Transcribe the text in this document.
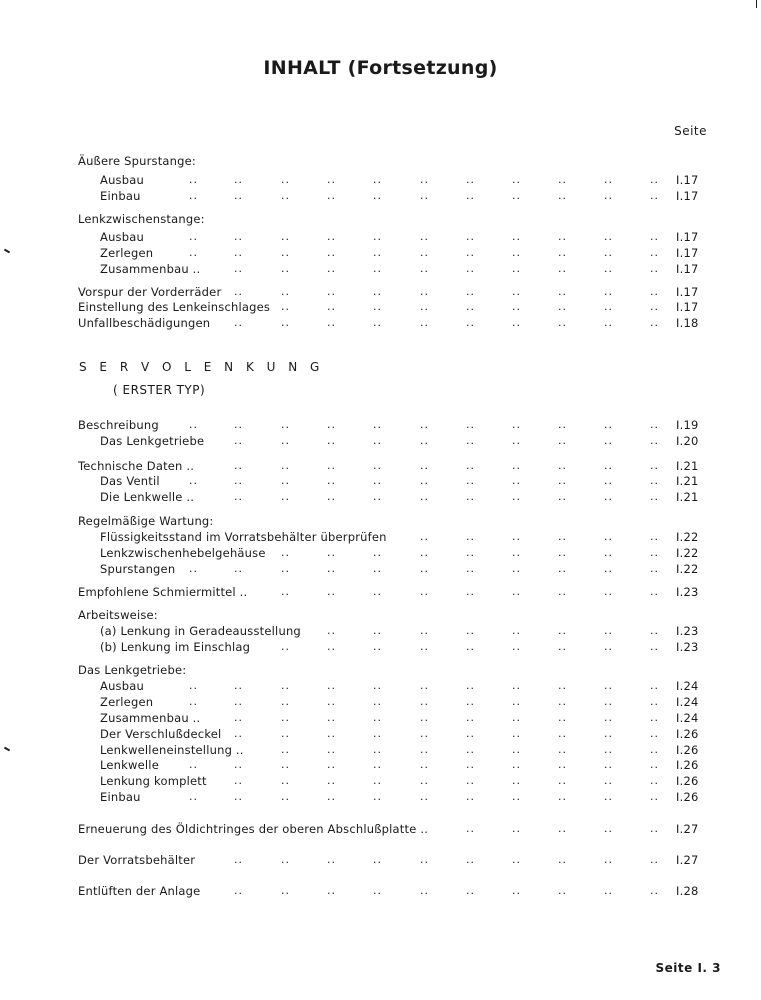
INHALT (Fortsetzung)
Seite
S E R V O L E N K U N G
( ERSTER TYP)
Äußere Spurstange:
Ausbau	..	..	..	..	..	..	..	..	..	..	.. I.17
Einbau	..	..	..	..	..	..	..	..	..	..	.. I.17
Lenkzwischenstange:
Ausbau	..	..	..	..	..	..	..	..	..	..	.. I.17
Zerlegen	..	..	..	..	..	..	..	..	..	..	.. I.17
Zusammenbau ..	..	..	..	..	..	..	..	..	..	.. I.17
Vorspur der Vorderräder ..	..	..	..	..	..	..	..	..	.. I.17
Einstellung des Lenkeinschlages ..	..	..	..	..	..	..	..	.. I.17
Unfallbeschädigungen ..	..	..	..	..	..	..	..	..	.. I.18
Beschreibung	..	..	..	..	..	..	..	..	..	..	.. I.19
Das Lenkgetriebe	..	..	..	..	..	..	..	..	..	.. I.20
Technische Daten ..	..	..	..	..	..	..	..	..	..	.. I.21
Das Ventil	..	..	..	..	..	..	..	..	..	..	.. I.21
Die Lenkwelle ..	..	..	..	..	..	..	..	..	..	.. I.21
Regelmäßige Wartung:
Flüssigkeitsstand im Vorratsbehälter überprüfen	..	..	..	..	..	.. I.22
Lenkzwischenhebelgehäuse ..	..	..	..	..	..	..	..	.. I.22
Spurstangen ..	..	..	..	..	..	..	..	..	..	.. I.22
Empfohlene Schmiermittel ..	..	..	..	..	..	..	..	..	.. I.23
Arbeitsweise:
(a) Lenkung in Geradeausstellung ..	..	..	..	..	..	..	.. I.23
(b) Lenkung im Einschlag	..	..	..	..	..	..	..	..	.. I.23
Das Lenkgetriebe:
Ausbau	..	..	..	..	..	..	..	..	..	..	.. I.24
Zerlegen	..	..	..	..	..	..	..	..	..	..	.. I.24
Zusammenbau ..	..	..	..	..	..	..	..	..	..	.. I.24
Der Verschlußdeckel ..	..	..	..	..	..	..	..	..	.. I.26
Lenkwelleneinstellung ..	..	..	..	..	..	..	..	..	.. I.26
Lenkwelle	..	..	..	..	..	..	..	..	..	..	.. I.26
Lenkung komplett ..	..	..	..	..	..	..	..	..	.. I.26
Einbau	..	..	..	..	..	..	..	..	..	..	.. I.26
Erneuerung des Öldichtringes der oberen Abschlußplatte ..	..	..	..	..	.. I.27
Der Vorratsbehälter	..	..	..	..	..	..	..	..	..	.. I.27
Entlüften der Anlage	..	..	..	..	..	..	..	..	..	.. I.28
Seite I. 3
